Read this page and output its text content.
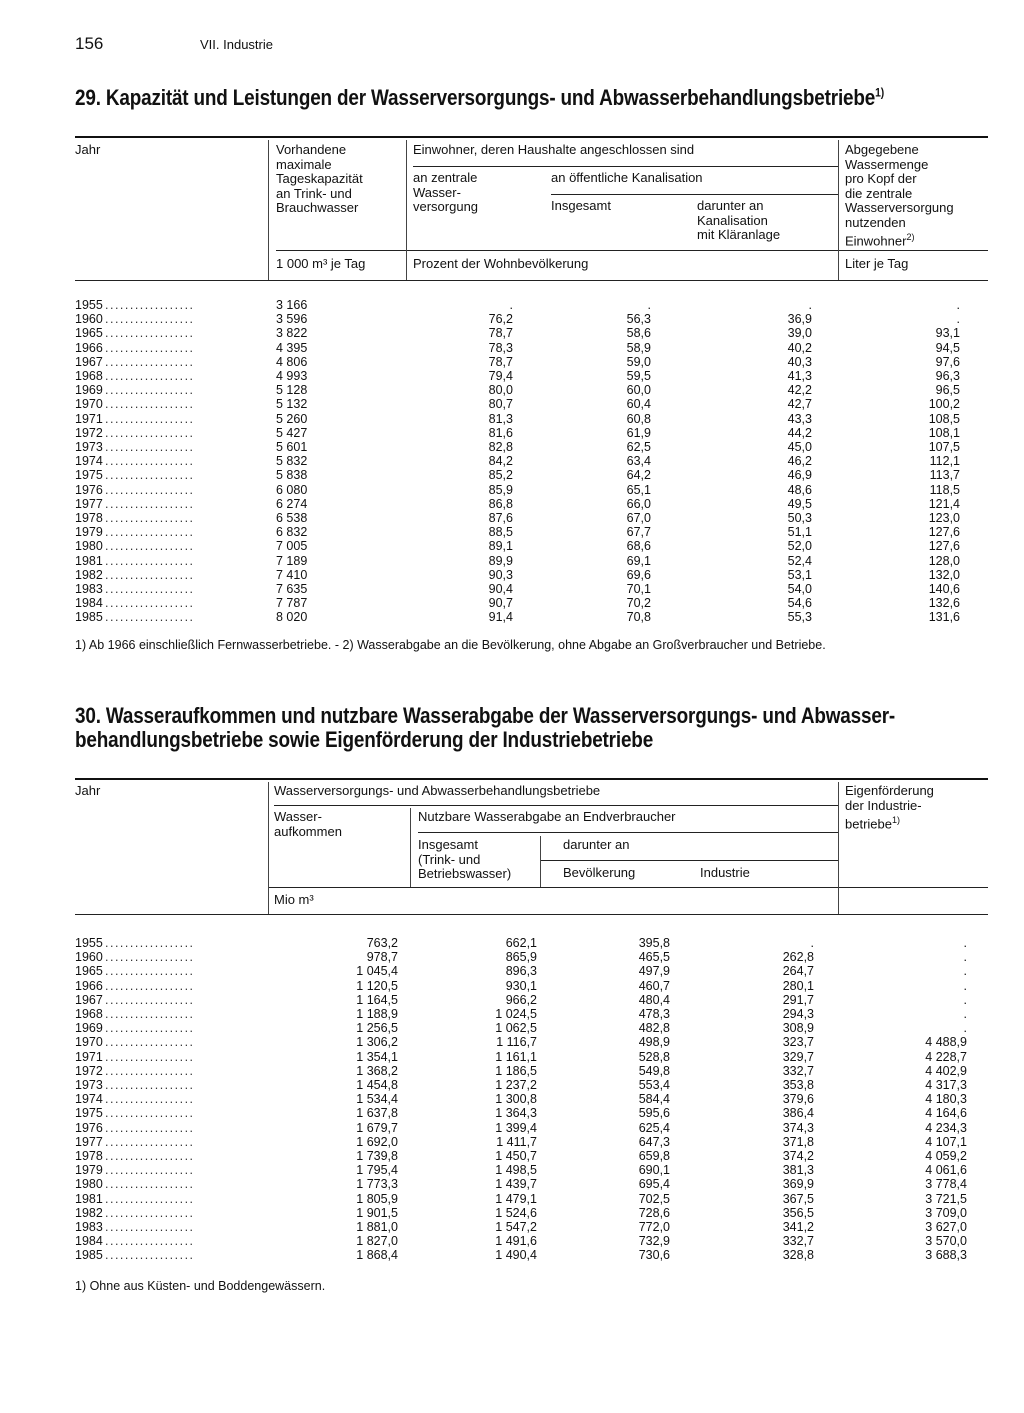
156	VII. Industrie
29. Kapazität und Leistungen der Wasserversorgungs- und Abwasserbehandlungsbetriebe$^{1)}$
Jahr	Vorhandene
maximale
Tageskapazität
an Trink- und
Brauchwasser
Einwohner, deren Haushalte angeschlossen sind
an zentrale
Wasser-
versorgung
an öffentliche Kanalisation
Insgesamt	darunter an
Kanalisation
mit Kläranlage
Abgegebene
Wassermenge
pro Kopf der
die zentrale
Wasserversorgung
nutzenden
Einwohner$^{2)}$
1 000 m³ je Tag	Prozent der Wohnbevölkerung	Liter je Tag
1955 ..................	3 166	.	.	.	.
1960 ..................	3 596	76,2	56,3	36,9	.
1965 ..................	3 822	78,7	58,6	39,0	93,1
1966 ..................	4 395	78,3	58,9	40,2	94,5
1967 ..................	4 806	78,7	59,0	40,3	97,6
1968 ..................	4 993	79,4	59,5	41,3	96,3
1969 ..................	5 128	80,0	60,0	42,2	96,5
1970 ..................	5 132	80,7	60,4	42,7	100,2
1971 ..................	5 260	81,3	60,8	43,3	108,5
1972 ..................	5 427	81,6	61,9	44,2	108,1
1973 ..................	5 601	82,8	62,5	45,0	107,5
1974 ..................	5 832	84,2	63,4	46,2	112,1
1975 ..................	5 838	85,2	64,2	46,9	113,7
1976 ..................	6 080	85,9	65,1	48,6	118,5
1977 ..................	6 274	86,8	66,0	49,5	121,4
1978 ..................	6 538	87,6	67,0	50,3	123,0
1979 ..................	6 832	88,5	67,7	51,1	127,6
1980 ..................	7 005	89,1	68,6	52,0	127,6
1981 ..................	7 189	89,9	69,1	52,4	128,0
1982 ..................	7 410	90,3	69,6	53,1	132,0
1983 ..................	7 635	90,4	70,1	54,0	140,6
1984 ..................	7 787	90,7	70,2	54,6	132,6
1985 ..................	8 020	91,4	70,8	55,3	131,6
1) Ab 1966 einschließlich Fernwasserbetriebe. - 2) Wasserabgabe an die Bevölkerung, ohne Abgabe an Großverbraucher und Betriebe.
30. Wasseraufkommen und nutzbare Wasserabgabe der Wasserversorgungs- und Abwasser-
behandlungsbetriebe sowie Eigenförderung der Industriebetriebe
Jahr	Wasserversorgungs- und Abwasserbehandlungsbetriebe
Wasser-
aufkommen
Nutzbare Wasserabgabe an Endverbraucher
Insgesamt
(Trink- und
Betriebswasser)
darunter an
Bevölkerung	Industrie
Eigenförderung
der Industrie-
betriebe$^{1)}$
Mio m³
1955 ..................	763,2	662,1	395,8	.	.
1960 ..................	978,7	865,9	465,5	262,8	.
1965 ..................	1 045,4	896,3	497,9	264,7	.
1966 ..................	1 120,5	930,1	460,7	280,1	.
1967 ..................	1 164,5	966,2	480,4	291,7	.
1968 ..................	1 188,9	1 024,5	478,3	294,3	.
1969 ..................	1 256,5	1 062,5	482,8	308,9	.
1970 ..................	1 306,2	1 116,7	498,9	323,7	4 488,9
1971 ..................	1 354,1	1 161,1	528,8	329,7	4 228,7
1972 ..................	1 368,2	1 186,5	549,8	332,7	4 402,9
1973 ..................	1 454,8	1 237,2	553,4	353,8	4 317,3
1974 ..................	1 534,4	1 300,8	584,4	379,6	4 180,3
1975 ..................	1 637,8	1 364,3	595,6	386,4	4 164,6
1976 ..................	1 679,7	1 399,4	625,4	374,3	4 234,3
1977 ..................	1 692,0	1 411,7	647,3	371,8	4 107,1
1978 ..................	1 739,8	1 450,7	659,8	374,2	4 059,2
1979 ..................	1 795,4	1 498,5	690,1	381,3	4 061,6
1980 ..................	1 773,3	1 439,7	695,4	369,9	3 778,4
1981 ..................	1 805,9	1 479,1	702,5	367,5	3 721,5
1982 ..................	1 901,5	1 524,6	728,6	356,5	3 709,0
1983 ..................	1 881,0	1 547,2	772,0	341,2	3 627,0
1984 ..................	1 827,0	1 491,6	732,9	332,7	3 570,0
1985 ..................	1 868,4	1 490,4	730,6	328,8	3 688,3
1) Ohne aus Küsten- und Boddengewässern.
